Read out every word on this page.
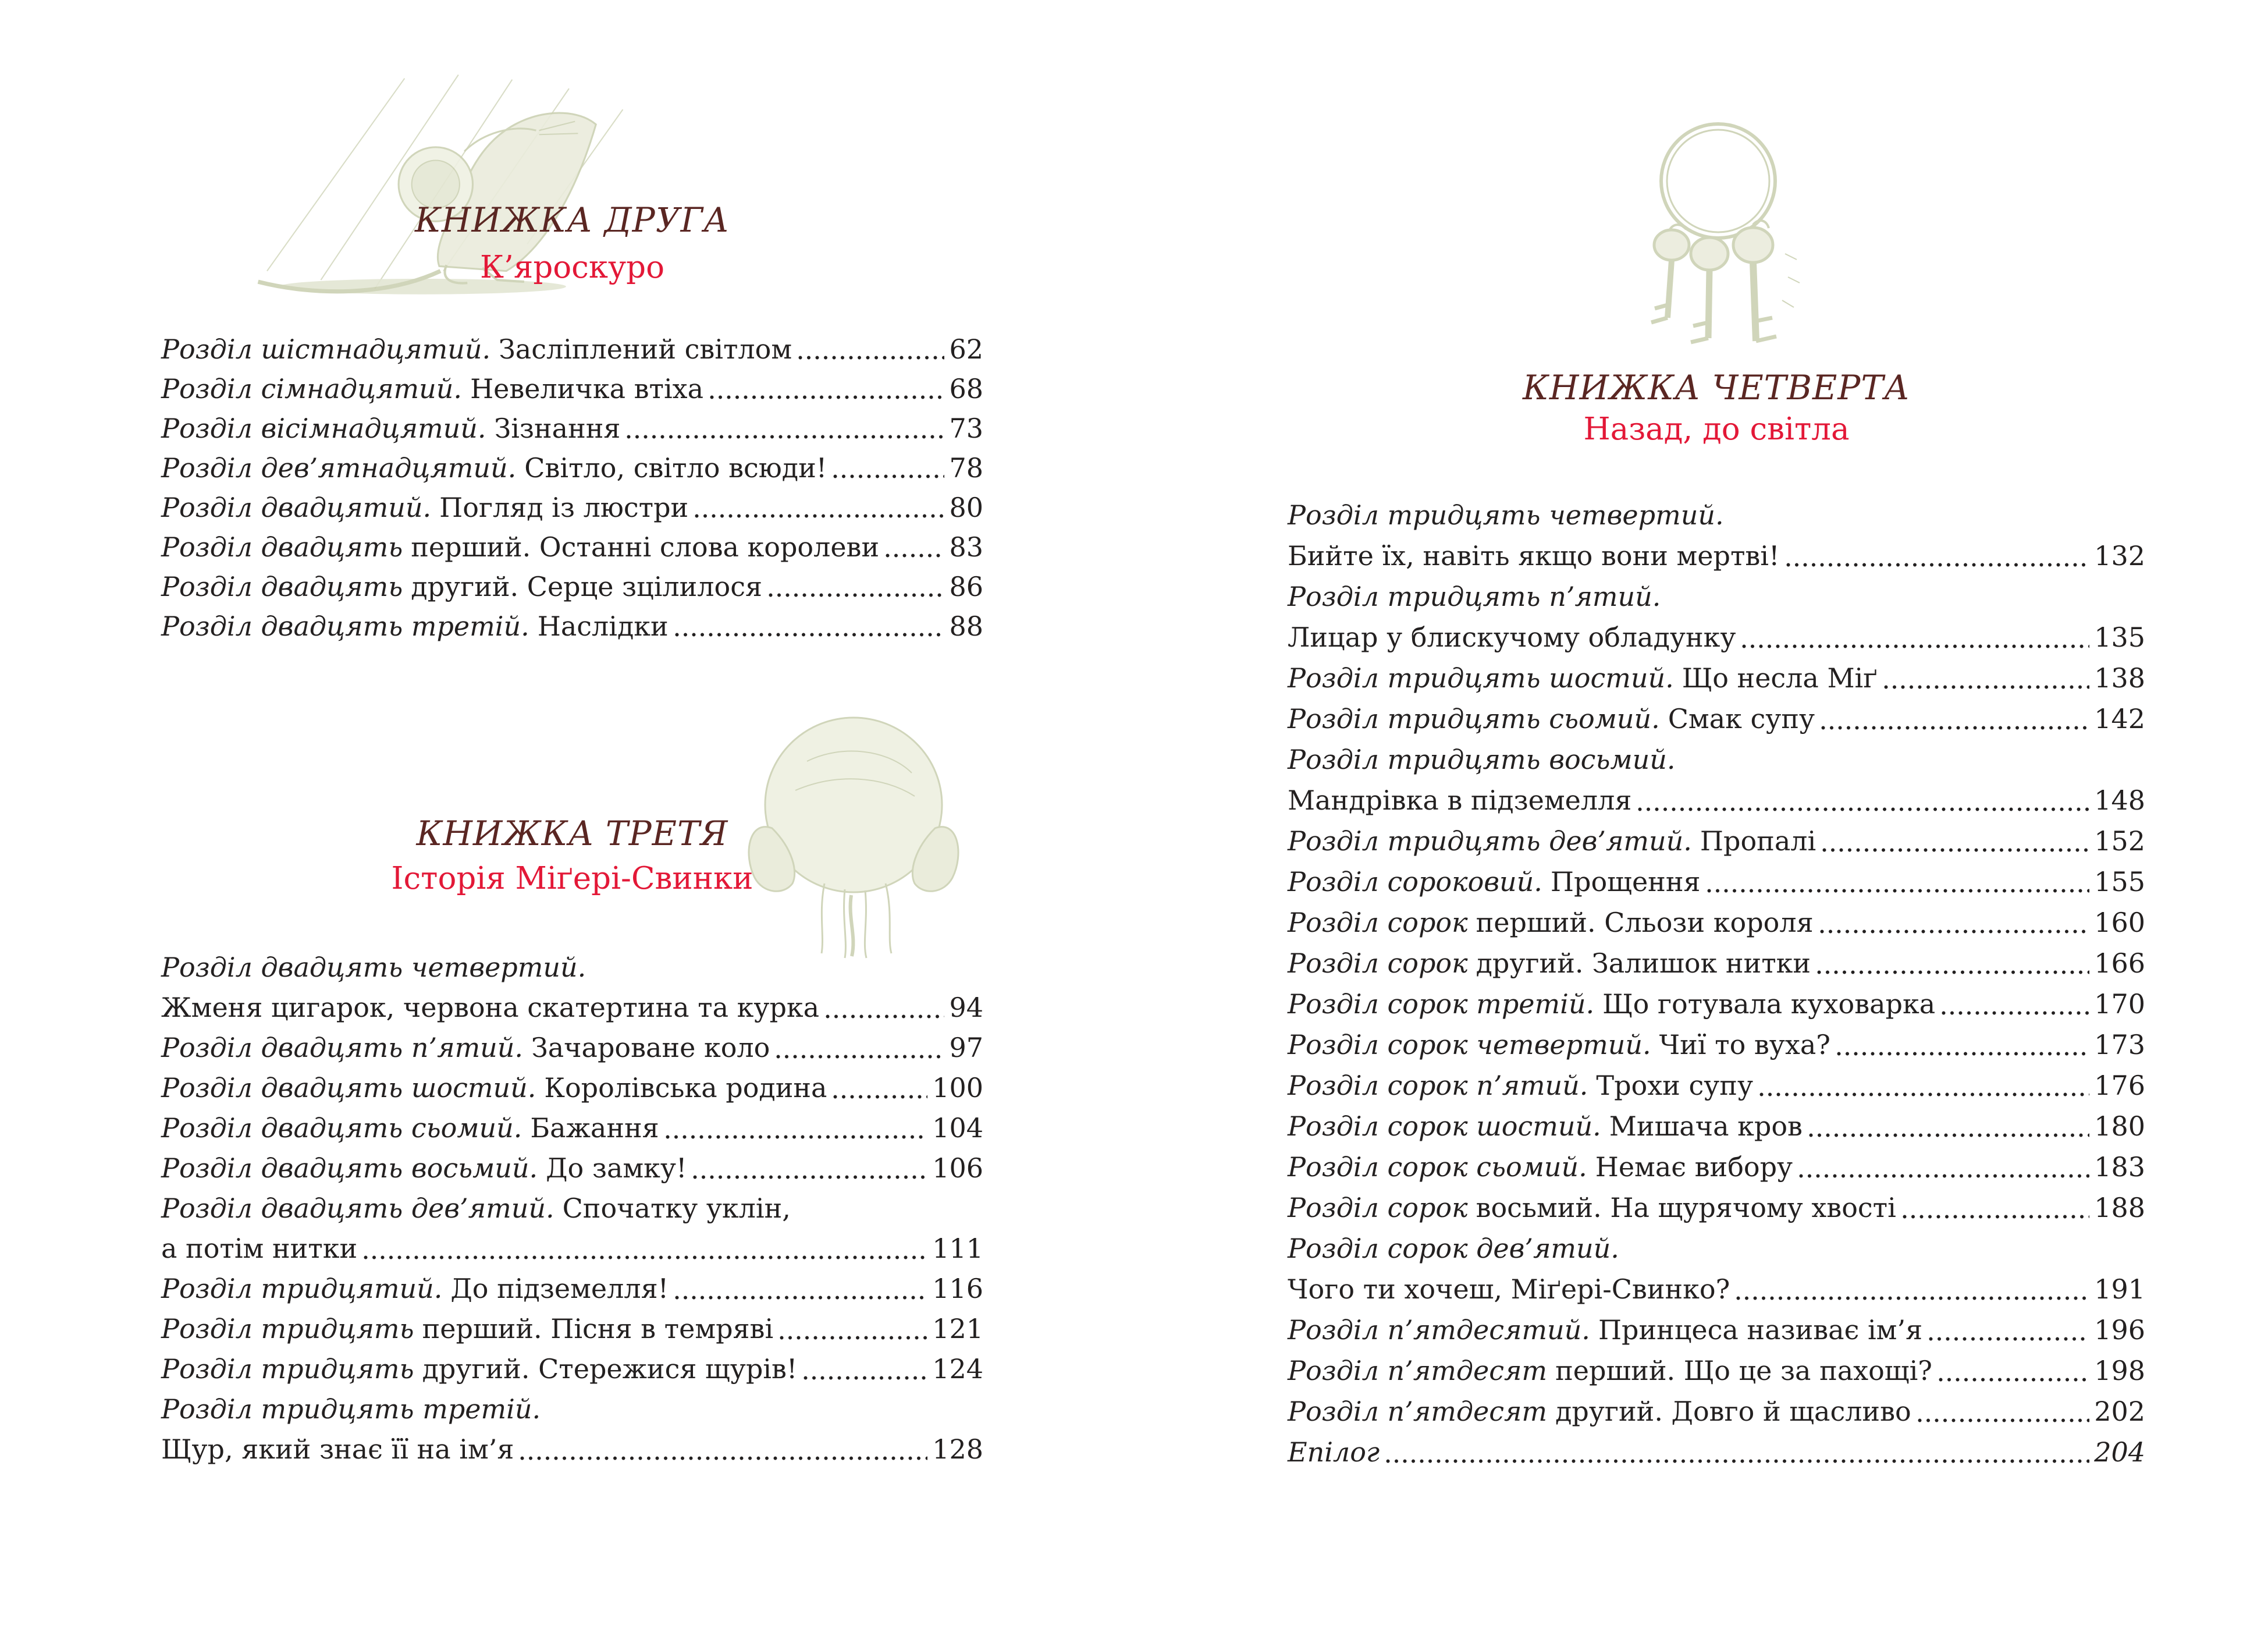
КНИЖКА ДРУГА
К’яроскуро
Розділ шістнадцятий. Засліплений світлом	62
Розділ сімнадцятий. Невеличка втіха	68
Розділ вісімнадцятий. Зізнання	73
Розділ дев’ятнадцятий. Світло, світло всюди!	78
Розділ двадцятий. Погляд із люстри	80
Розділ двадцять перший. Останні слова королеви	83
Розділ двадцять другий. Серце зцілилося	86
Розділ двадцять третій. Наслідки	88
КНИЖКА ТРЕТЯ
Історія Міґері-Свинки
Розділ двадцять четвертий.
Жменя цигарок, червона скатертина та курка	94
Розділ двадцять п’ятий. Зачароване коло	97
Розділ двадцять шостий. Королівська родина	100
Розділ двадцять сьомий. Бажання	104
Розділ двадцять восьмий. До замку!	106
Розділ двадцять дев’ятий. Спочатку уклін,
а потім нитки	111
Розділ тридцятий. До підземелля!	116
Розділ тридцять перший. Пісня в темряві	121
Розділ тридцять другий. Стережися щурів!	124
Розділ тридцять третій.
Щур, який знає її на ім’я	128
КНИЖКА ЧЕТВЕРТА
Назад, до світла
Розділ тридцять четвертий.
Бийте їх, навіть якщо вони мертві!	132
Розділ тридцять п’ятий.
Лицар у блискучому обладунку	135
Розділ тридцять шостий. Що несла Міґ	138
Розділ тридцять сьомий. Смак супу	142
Розділ тридцять восьмий.
Мандрівка в підземелля	148
Розділ тридцять дев’ятий. Пропалі	152
Розділ сороковий. Прощення	155
Розділ сорок перший. Сльози короля	160
Розділ сорок другий. Залишок нитки	166
Розділ сорок третій. Що готувала куховарка	170
Розділ сорок четвертий. Чиї то вуха?	173
Розділ сорок п’ятий. Трохи супу	176
Розділ сорок шостий. Мишача кров	180
Розділ сорок сьомий. Немає вибору	183
Розділ сорок восьмий. На щурячому хвості	188
Розділ сорок дев’ятий.
Чого ти хочеш, Міґері-Свинко?	191
Розділ п’ятдесятий. Принцеса називає ім’я	196
Розділ п’ятдесят перший. Що це за пахощі?	198
Розділ п’ятдесят другий. Довго й щасливо	202
Епілог	204
